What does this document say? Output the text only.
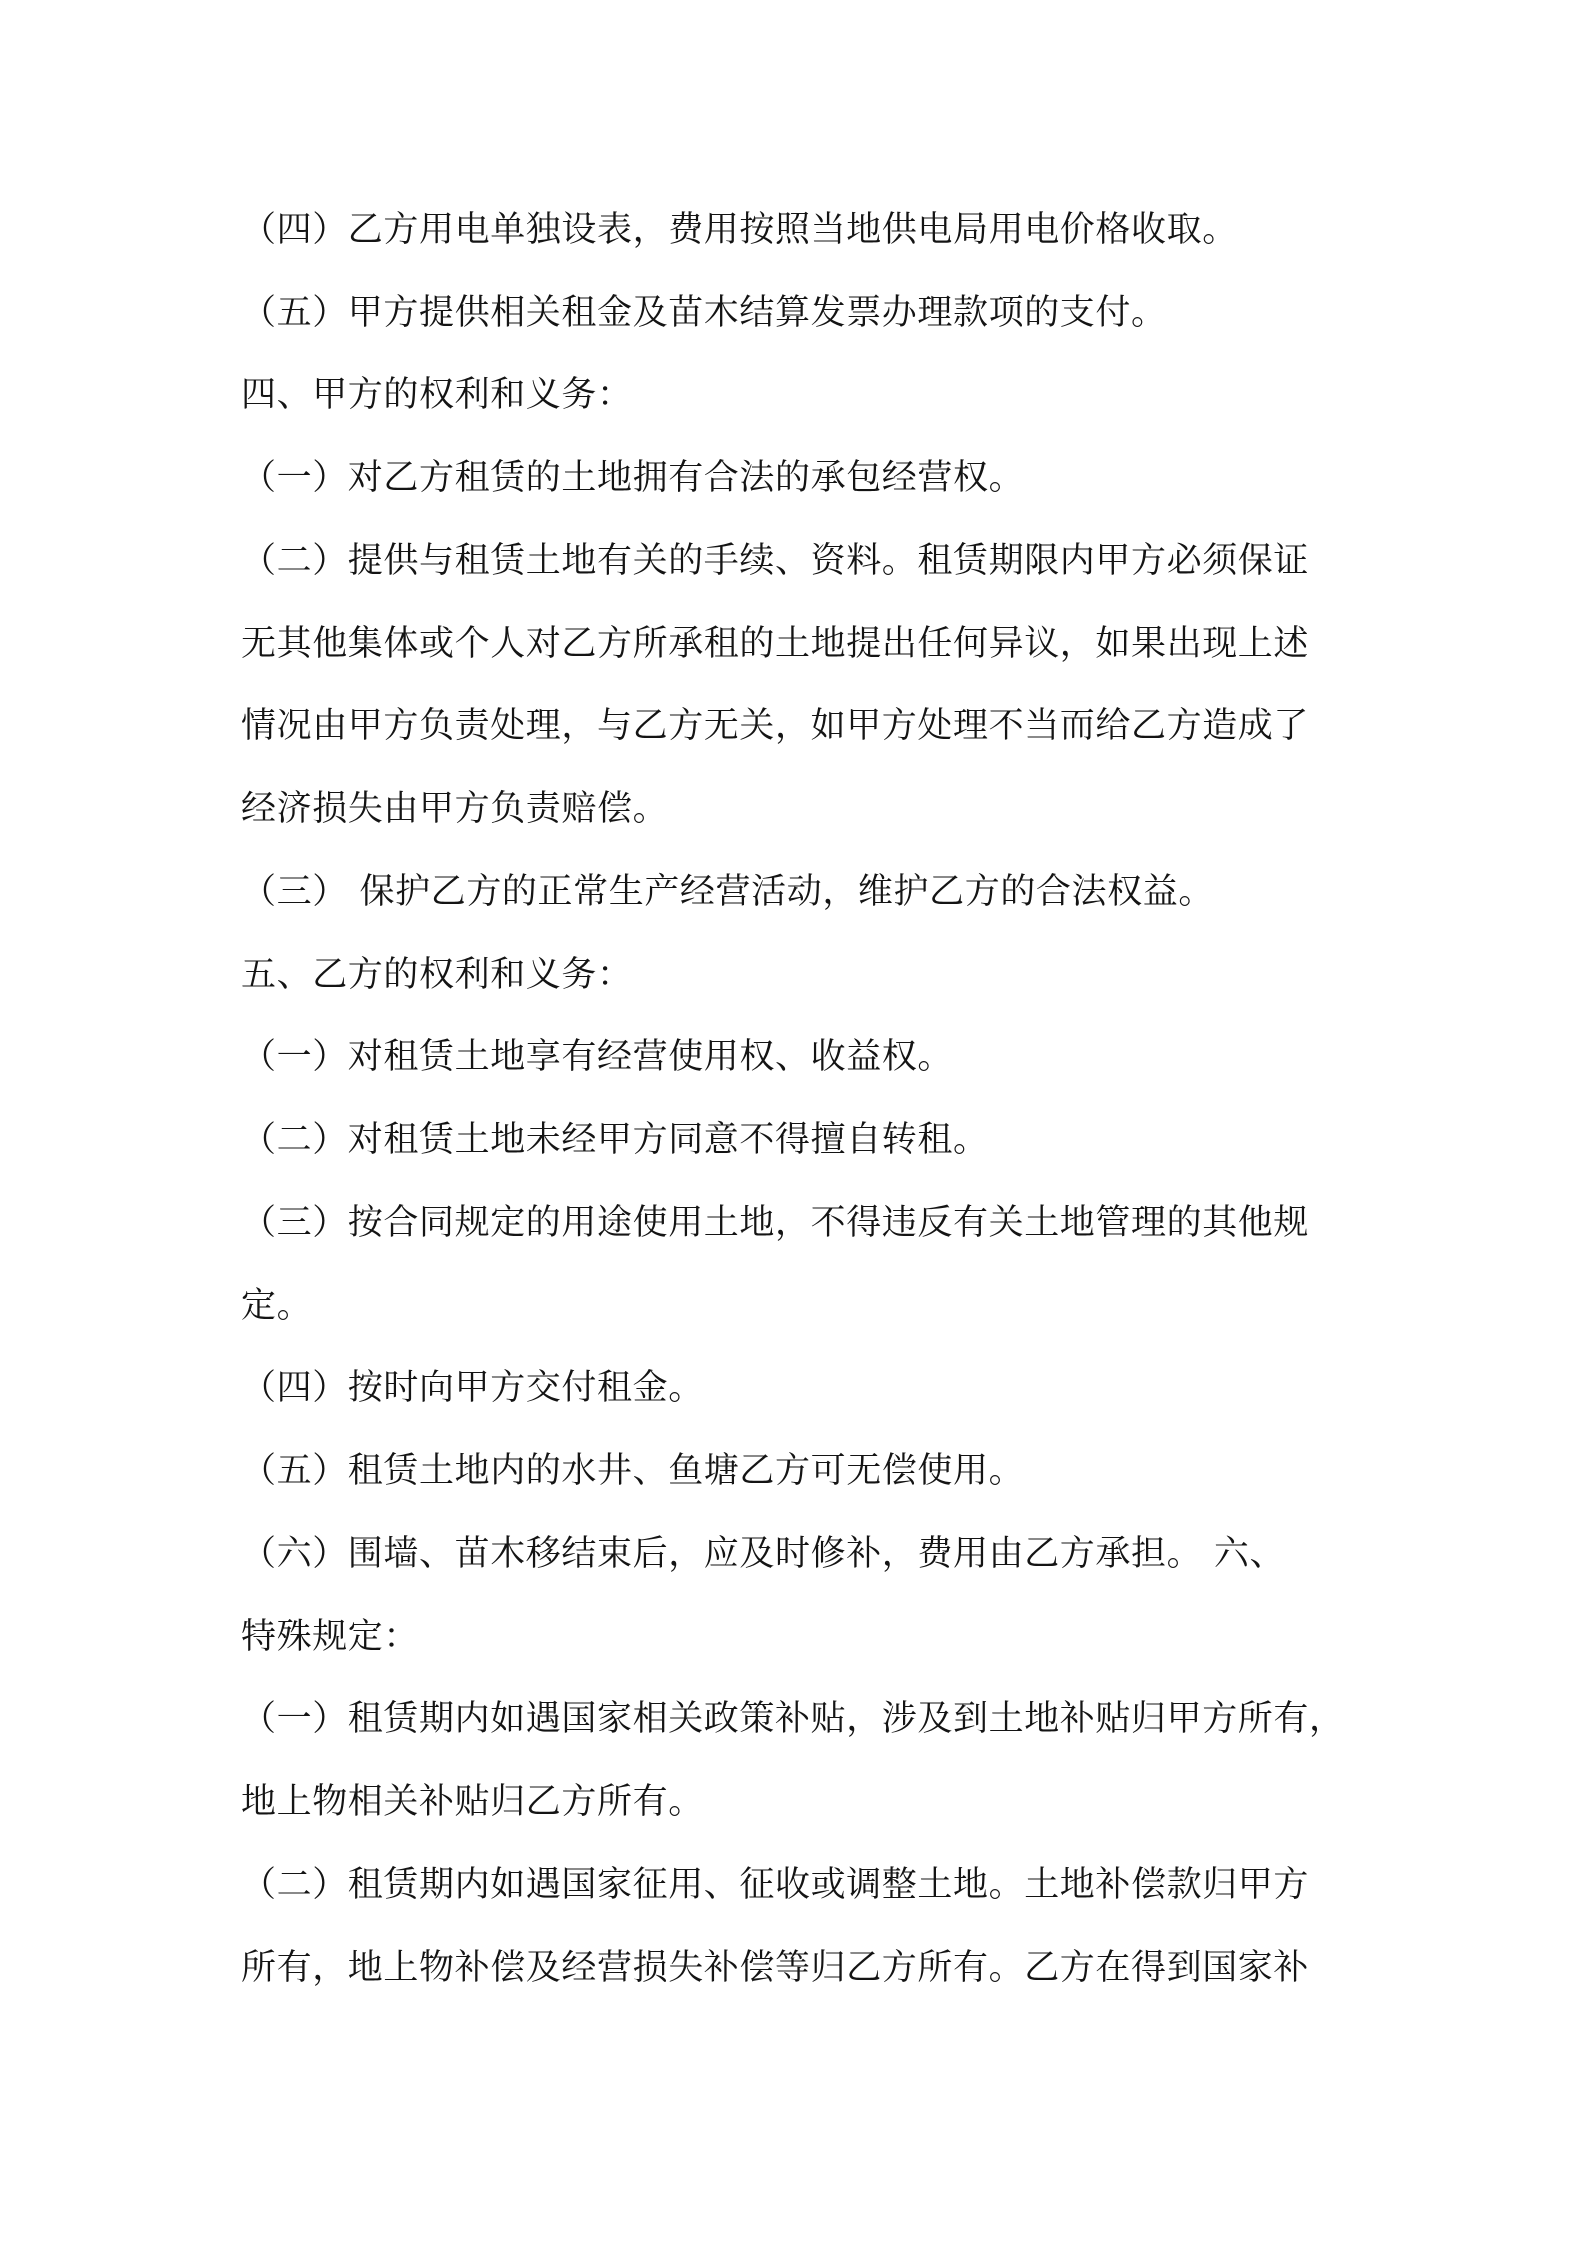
（四）乙方用电单独设表，费用按照当地供电局用电价格收取。
（五）甲方提供相关租金及苗木结算发票办理款项的支付。
四、甲方的权利和义务：
（一）对乙方租赁的土地拥有合法的承包经营权。
（二）提供与租赁土地有关的手续、资料。租赁期限内甲方必须保证
无其他集体或个人对乙方所承租的土地提出任何异议，如果出现上述
情况由甲方负责处理，与乙方无关，如甲方处理不当而给乙方造成了
经济损失由甲方负责赔偿。
（三） 保护乙方的正常生产经营活动，维护乙方的合法权益。
五、乙方的权利和义务：
（一）对租赁土地享有经营使用权、收益权。
（二）对租赁土地未经甲方同意不得擅自转租。
（三）按合同规定的用途使用土地，不得违反有关土地管理的其他规
定。
（四）按时向甲方交付租金。
（五）租赁土地内的水井、鱼塘乙方可无偿使用。
（六）围墙、苗木移结束后，应及时修补，费用由乙方承担。 六、
特殊规定：
（一）租赁期内如遇国家相关政策补贴，涉及到土地补贴归甲方所有，
地上物相关补贴归乙方所有。
（二）租赁期内如遇国家征用、征收或调整土地。土地补偿款归甲方
所有，地上物补偿及经营损失补偿等归乙方所有。乙方在得到国家补
